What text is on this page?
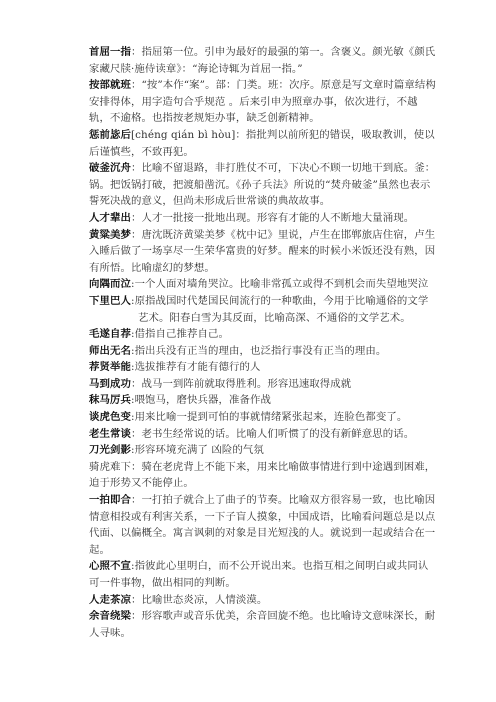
首屈一指：指屈第一位。引申为最好的最强的第一。含褒义。颜光敏《颜氏家藏尺牍·施侍读章》：“海论诗辄为首屈一指。”

按部就班：“按”本作“案”。部：门类。班：次序。原意是写文章时篇章结构安排得体，用字造句合乎规范 。后来引申为照章办事，依次进行，不越轨，不逾格。也指按老规矩办事，缺乏创新精神。

惩前毖后[chéng qián bì hòu]：指批判以前所犯的错误，吸取教训，使以后谨慎些，不致再犯。

破釜沉舟：比喻不留退路，非打胜仗不可，下决心不顾一切地干到底。釜：锅。把饭锅打破，把渡船凿沉。《孙子兵法》所说的“焚舟破釜”虽然也表示誓死决战的意义，但尚未形成后世常谈的典故故事。

人才辈出：人才一批接一批地出现。形容有才能的人不断地大量涌现。

黄粱美梦：唐沈既济黄粱美梦《枕中记》里说，卢生在邯郸旅店住宿，卢生入睡后做了一场享尽一生荣华富贵的好梦。醒来的时候小米饭还没有熟，因有所悟。比喻虚幻的梦想。

向隅而泣:一个人面对墙角哭泣。比喻非常孤立或得不到机会而失望地哭泣

下里巴人:原指战国时代楚国民间流行的一种歌曲，今用于比喻通俗的文学艺术。阳春白雪为其反面，比喻高深、不通俗的文学艺术。

毛遂自荐:借指自己推荐自己。

师出无名:指出兵没有正当的理由，也泛指行事没有正当的理由。

荐贤举能:选拔推荐有才能有德行的人

马到成功：战马一到阵前就取得胜利。形容迅速取得成就

秣马厉兵:喂饱马，磨快兵器，准备作战

谈虎色变:用来比喻一提到可怕的事就情绪紧张起来，连脸色都变了。

老生常谈：老书生经常说的话。比喻人们听惯了的没有新鲜意思的话。

刀光剑影:形容环境充满了 凶险的气氛

骑虎难下：骑在老虎背上不能下来，用来比喻做事情进行到中途遇到困难，迫于形势又不能停止。

一拍即合：一打拍子就合上了曲子的节奏。比喻双方很容易一致，也比喻因情意相投或有利害关系，一下子盲人摸象，中国成语，比喻看问题总是以点代面、以偏概全。寓言讽刺的对象是目光短浅的人。就说到一起或结合在一起。

心照不宣:指彼此心里明白，而不公开说出来。也指互相之间明白或共同认可一件事物，做出相同的判断。

人走茶凉：比喻世态炎凉，人情淡漠。

余音绕梁：形容歌声或音乐优美，余音回旋不绝。也比喻诗文意味深长，耐人寻味。
